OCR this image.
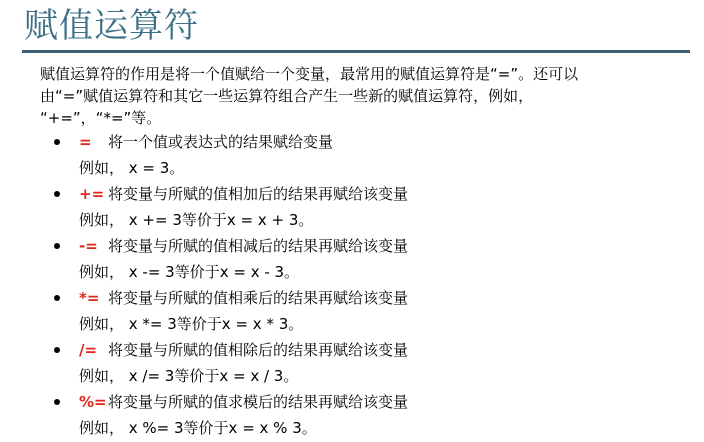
赋值运算符
赋值运算符的作用是将一个值赋给一个变量，最常用的赋值运算符是“=”。还可以
由“=”赋值运算符和其它一些运算符组合产生一些新的赋值运算符，例如，
“+=”，“*=”等。
= 将一个值或表达式的结果赋给变量
例如， x = 3。
+= 将变量与所赋的值相加后的结果再赋给该变量
例如， x += 3等价于x = x + 3。
-= 将变量与所赋的值相减后的结果再赋给该变量
例如， x -= 3等价于x = x - 3。
*= 将变量与所赋的值相乘后的结果再赋给该变量
例如， x *= 3等价于x = x * 3。
/= 将变量与所赋的值相除后的结果再赋给该变量
例如， x /= 3等价于x = x / 3。
%=将变量与所赋的值求模后的结果再赋给该变量
例如， x %= 3等价于x = x % 3。
